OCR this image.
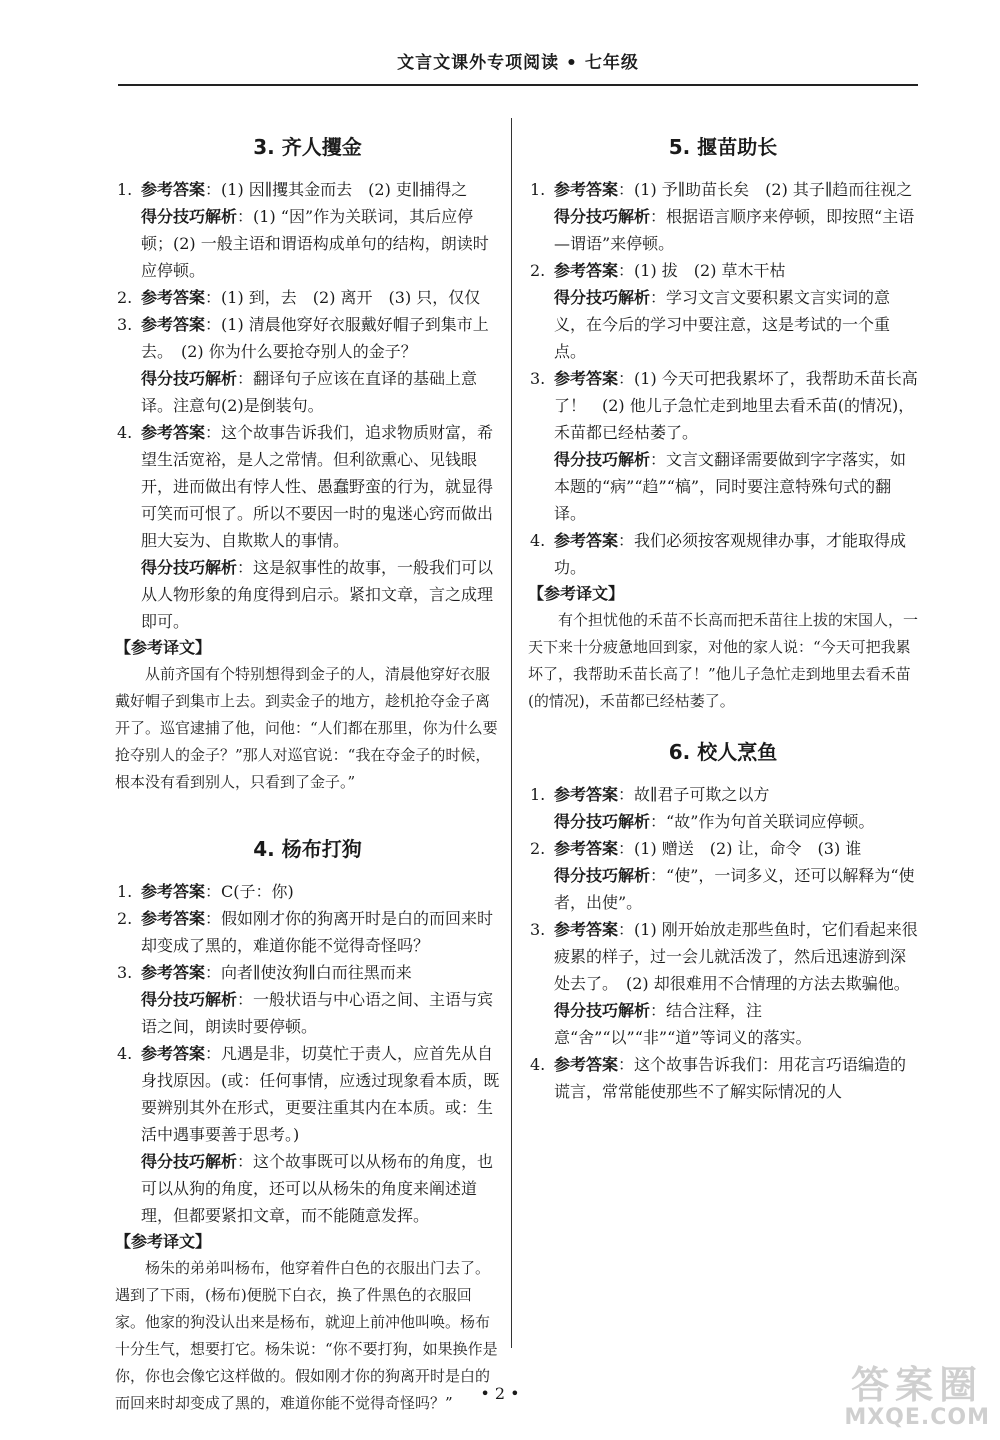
文言文课外专项阅读 • 七年级
3. 齐人攫金
1. 参考答案：(1) 因∥攫其金而去　(2) 吏∥捕得之

得分技巧解析：(1) “因”作为关联词，其后应停顿；(2) 一般主语和谓语构成单句的结构，朗读时应停顿。

2. 参考答案：(1) 到，去　(2) 离开　(3) 只，仅仅

3. 参考答案：(1) 清晨他穿好衣服戴好帽子到集市上去。　(2) 你为什么要抢夺别人的金子？

得分技巧解析：翻译句子应该在直译的基础上意译。注意句(2)是倒装句。

4. 参考答案：这个故事告诉我们，追求物质财富，希望生活宽裕，是人之常情。但利欲熏心、见钱眼开，进而做出有悖人性、愚蠢野蛮的行为，就显得可笑而可恨了。所以不要因一时的鬼迷心窍而做出胆大妄为、自欺欺人的事情。

得分技巧解析：这是叙事性的故事，一般我们可以从人物形象的角度得到启示。紧扣文章，言之成理即可。

【参考译文】

从前齐国有个特别想得到金子的人，清晨他穿好衣服戴好帽子到集市上去。到卖金子的地方，趁机抢夺金子离开了。巡官逮捕了他，问他：“人们都在那里，你为什么要抢夺别人的金子？”那人对巡官说：“我在夺金子的时候，根本没有看到别人，只看到了金子。”

4. 杨布打狗
1. 参考答案：C(子：你)

2. 参考答案：假如刚才你的狗离开时是白的而回来时却变成了黑的，难道你能不觉得奇怪吗？

3. 参考答案：向者∥使汝狗∥白而往黑而来

得分技巧解析：一般状语与中心语之间、主语与宾语之间，朗读时要停顿。

4. 参考答案：凡遇是非，切莫忙于责人，应首先从自身找原因。(或：任何事情，应透过现象看本质，既要辨别其外在形式，更要注重其内在本质。或：生活中遇事要善于思考。)

得分技巧解析：这个故事既可以从杨布的角度，也可以从狗的角度，还可以从杨朱的角度来阐述道理，但都要紧扣文章，而不能随意发挥。

【参考译文】

杨朱的弟弟叫杨布，他穿着件白色的衣服出门去了。遇到了下雨，(杨布)便脱下白衣，换了件黑色的衣服回家。他家的狗没认出来是杨布，就迎上前冲他叫唤。杨布十分生气，想要打它。杨朱说：“你不要打狗，如果换作是你，你也会像它这样做的。假如刚才你的狗离开时是白的而回来时却变成了黑的，难道你能不觉得奇怪吗？”

5. 揠苗助长
1. 参考答案：(1) 予∥助苗长矣　(2) 其子∥趋而往视之

得分技巧解析：根据语言顺序来停顿，即按照“主语—谓语”来停顿。

2. 参考答案：(1) 拔　(2) 草木干枯

得分技巧解析：学习文言文要积累文言实词的意义，在今后的学习中要注意，这是考试的一个重点。

3. 参考答案：(1) 今天可把我累坏了，我帮助禾苗长高了！　(2) 他儿子急忙走到地里去看禾苗(的情况)，禾苗都已经枯萎了。

得分技巧解析：文言文翻译需要做到字字落实，如本题的“病”“趋”“槁”，同时要注意特殊句式的翻译。

4. 参考答案：我们必须按客观规律办事，才能取得成功。

【参考译文】

有个担忧他的禾苗不长高而把禾苗往上拔的宋国人，一天下来十分疲惫地回到家，对他的家人说：“今天可把我累坏了，我帮助禾苗长高了！”他儿子急忙走到地里去看禾苗(的情况)，禾苗都已经枯萎了。

6. 校人烹鱼
1. 参考答案：故∥君子可欺之以方

得分技巧解析：“故”作为句首关联词应停顿。

2. 参考答案：(1) 赠送　(2) 让，命令　(3) 谁

得分技巧解析：“使”，一词多义，还可以解释为“使者，出使”。

3. 参考答案：(1) 刚开始放走那些鱼时，它们看起来很疲累的样子，过一会儿就活泼了，然后迅速游到深处去了。　(2) 却很难用不合情理的方法去欺骗他。

得分技巧解析：结合注释，注意“舍”“以”“非”“道”等词义的落实。

4. 参考答案：这个故事告诉我们：用花言巧语编造的谎言，常常能使那些不了解实际情况的人

• 2 •	答案圈
MXQE.COM
